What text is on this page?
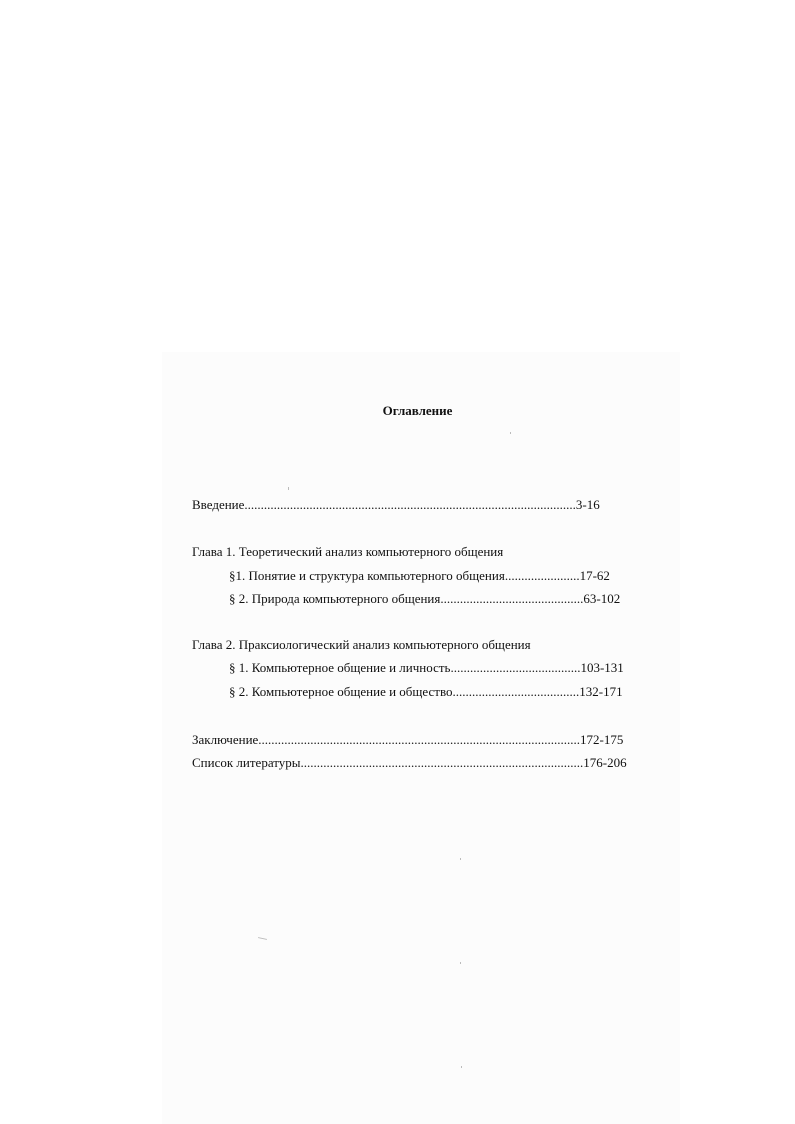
Оглавление
Введение......................................................................................................3-16
Глава 1. Теоретический анализ компьютерного общения
§1. Понятие и структура компьютерного общения.......................17-62
§ 2. Природа компьютерного общения............................................63-102
Глава 2. Праксиологический анализ компьютерного общения
§ 1. Компьютерное общение и личность........................................103-131
§ 2. Компьютерное общение и общество.......................................132-171
Заключение...................................................................................................172-175
Список литературы.......................................................................................176-206
